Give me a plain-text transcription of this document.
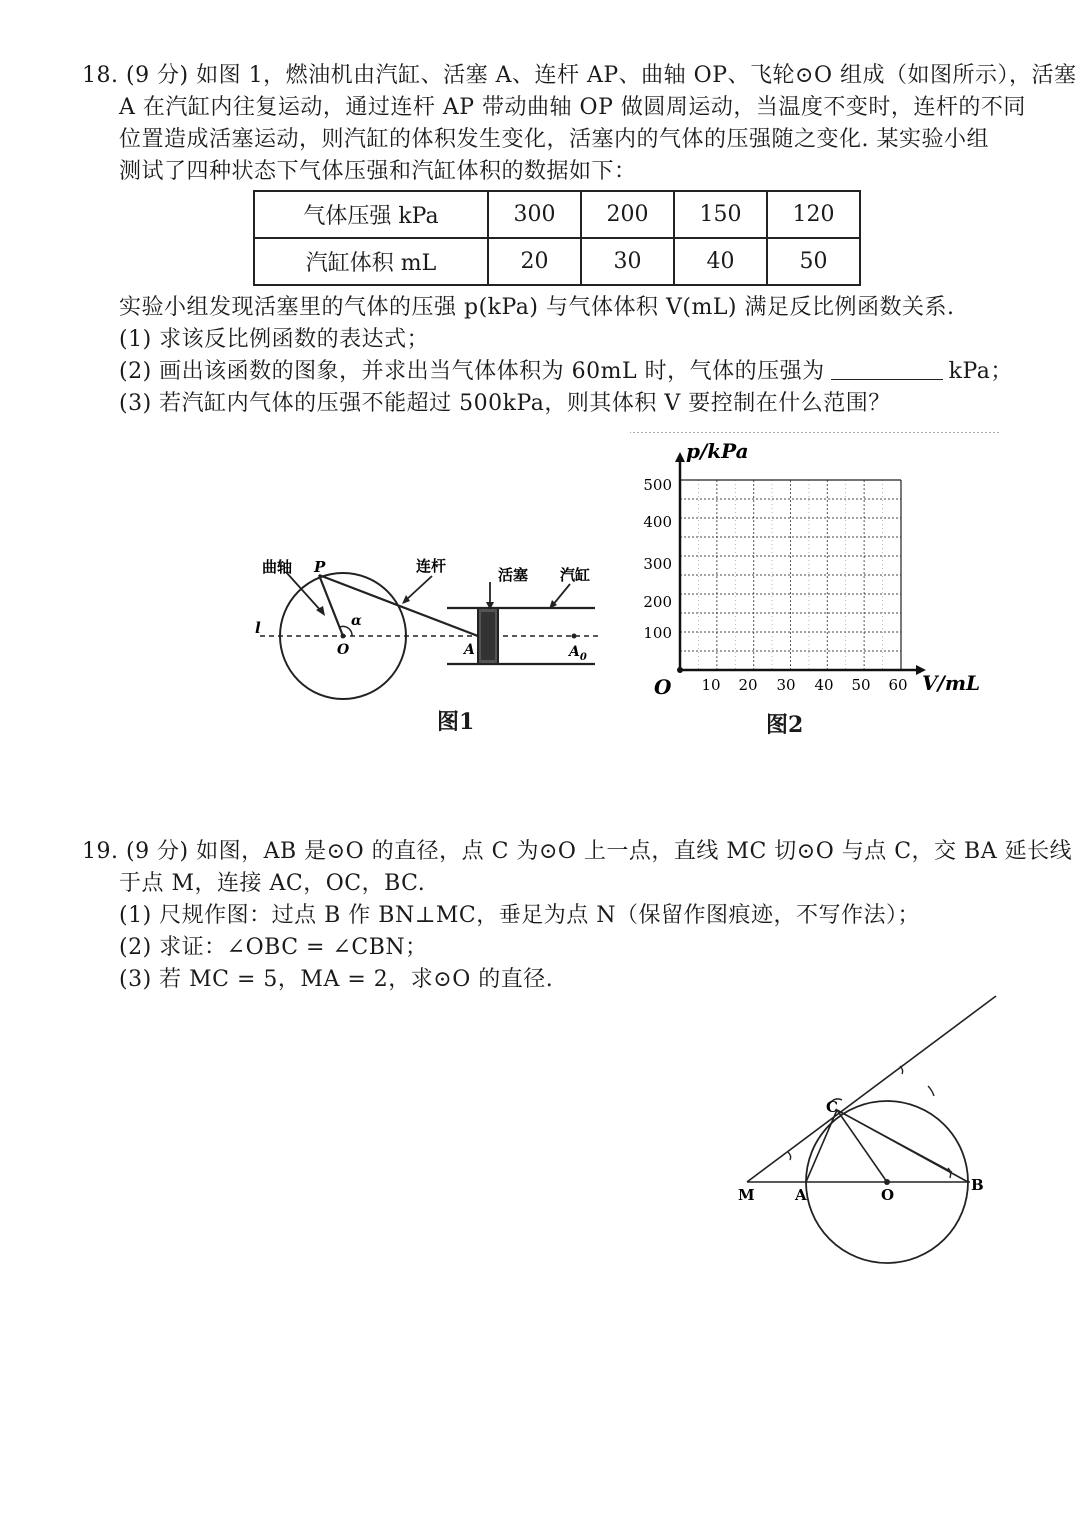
18. (9 分) 如图 1，燃油机由汽缸、活塞 A、连杆 AP、曲轴 OP、飞轮⊙O 组成（如图所示），活塞
A 在汽缸内往复运动，通过连杆 AP 带动曲轴 OP 做圆周运动，当温度不变时，连杆的不同
位置造成活塞运动，则汽缸的体积发生变化，活塞内的气体的压强随之变化. 某实验小组
测试了四种状态下气体压强和汽缸体积的数据如下：
气体压强 kPa	300	200	150	120
汽缸体积 mL	20	30	40	50
实验小组发现活塞里的气体的压强 p(kPa) 与气体体积 V(mL) 满足反比例函数关系.
(1) 求该反比例函数的表达式；
(2) 画出该函数的图象，并求出当气体体积为 60mL 时，气体的压强为	kPa；
(3) 若汽缸内气体的压强不能超过 500kPa，则其体积 V 要控制在什么范围？
曲轴 P	连杆	活塞 汽缸
l	α
O	A	$A_0$
图1
p/kPa
V/mL
O
100
200
300
400
500
10 20 30 40 50 60
图2
19. (9 分) 如图，AB 是⊙O 的直径，点 C 为⊙O 上一点，直线 MC 切⊙O 与点 C，交 BA 延长线
于点 M，连接 AC，OC，BC.
(1) 尺规作图：过点 B 作 BN⊥MC，垂足为点 N（保留作图痕迹，不写作法）；
(2) 求证：∠OBC = ∠CBN；
(3) 若 MC = 5，MA = 2，求⊙O 的直径.
M	A	O
B
C
